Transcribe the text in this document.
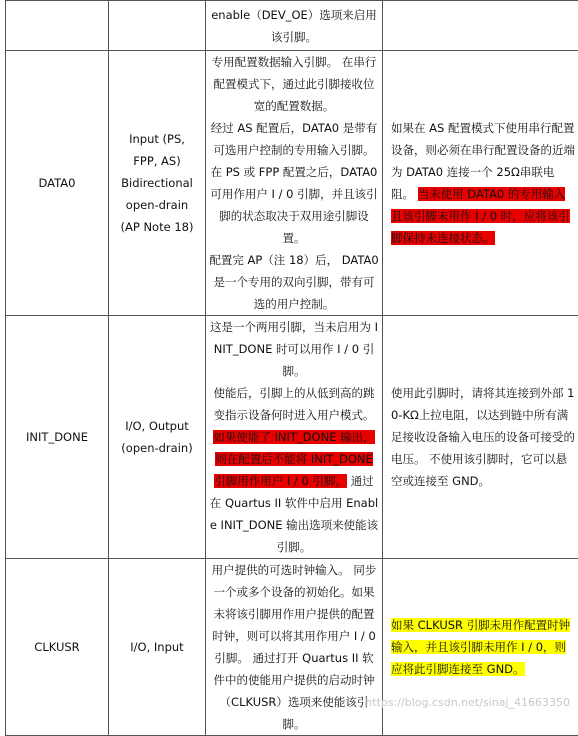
		enable（DEV_OE）选项来启用该引脚。	

DATA0	Input (PS,
FPP, AS)
Bidirectional
open-drain
(AP Note 18)	专用配置数据输入引脚。 在串行配置模式下，通过此引脚接收位宽的配置数据。
经过 AS 配置后，DATA0 是带有可选用户控制的专用输入引脚。
在 PS 或 FPP 配置之后，DATA0 可用作用户 I / 0 引脚，并且该引脚的状态取决于双用途引脚设置。
配置完 AP（注 18）后， DATA0 是一个专用的双向引脚，带有可选的用户控制。	如果在 AS 配置模式下使用串行配置设备，则必须在串行配置设备的近端为 DATA0 连接一个 25Ω串联电阻。 当未使用 DATA0 的专用输入且该引脚未用作 I / 0 时，应将该引脚保持未连接状态。
INIT_DONE	I/O, Output
(open-drain)	这是一个两用引脚，当未启用为 INIT_DONE 时可以用作 I / 0 引脚。
使能后，引脚上的从低到高的跳变指示设备何时进入用户模式。如果使能了 INIT_DONE 输出，则在配置后不能将 INIT_DONE 引脚用作用户 I / 0 引脚。 通过在 Quartus II 软件中启用 Enable INIT_DONE 输出选项来使能该引脚。	使用此引脚时，请将其连接到外部 10-KΩ上拉电阻，以达到链中所有满足接收设备输入电压的设备可接受的电压。 不使用该引脚时，它可以悬空或连接至 GND。
CLKUSR	I/O, Input	用户提供的可选时钟输入。 同步一个或多个设备的初始化。如果未将该引脚用作用户提供的配置时钟，则可以将其用作用户 I / 0 引脚。 通过打开 Quartus II 软件中的使能用户提供的启动时钟（CLKUSR）选项来使能该引脚。	如果 CLKUSR 引脚未用作配置时钟输入，并且该引脚未用作 I / 0，则应将此引脚连接至 GND。
https://blog.csdn.net/sinaj_41663350
